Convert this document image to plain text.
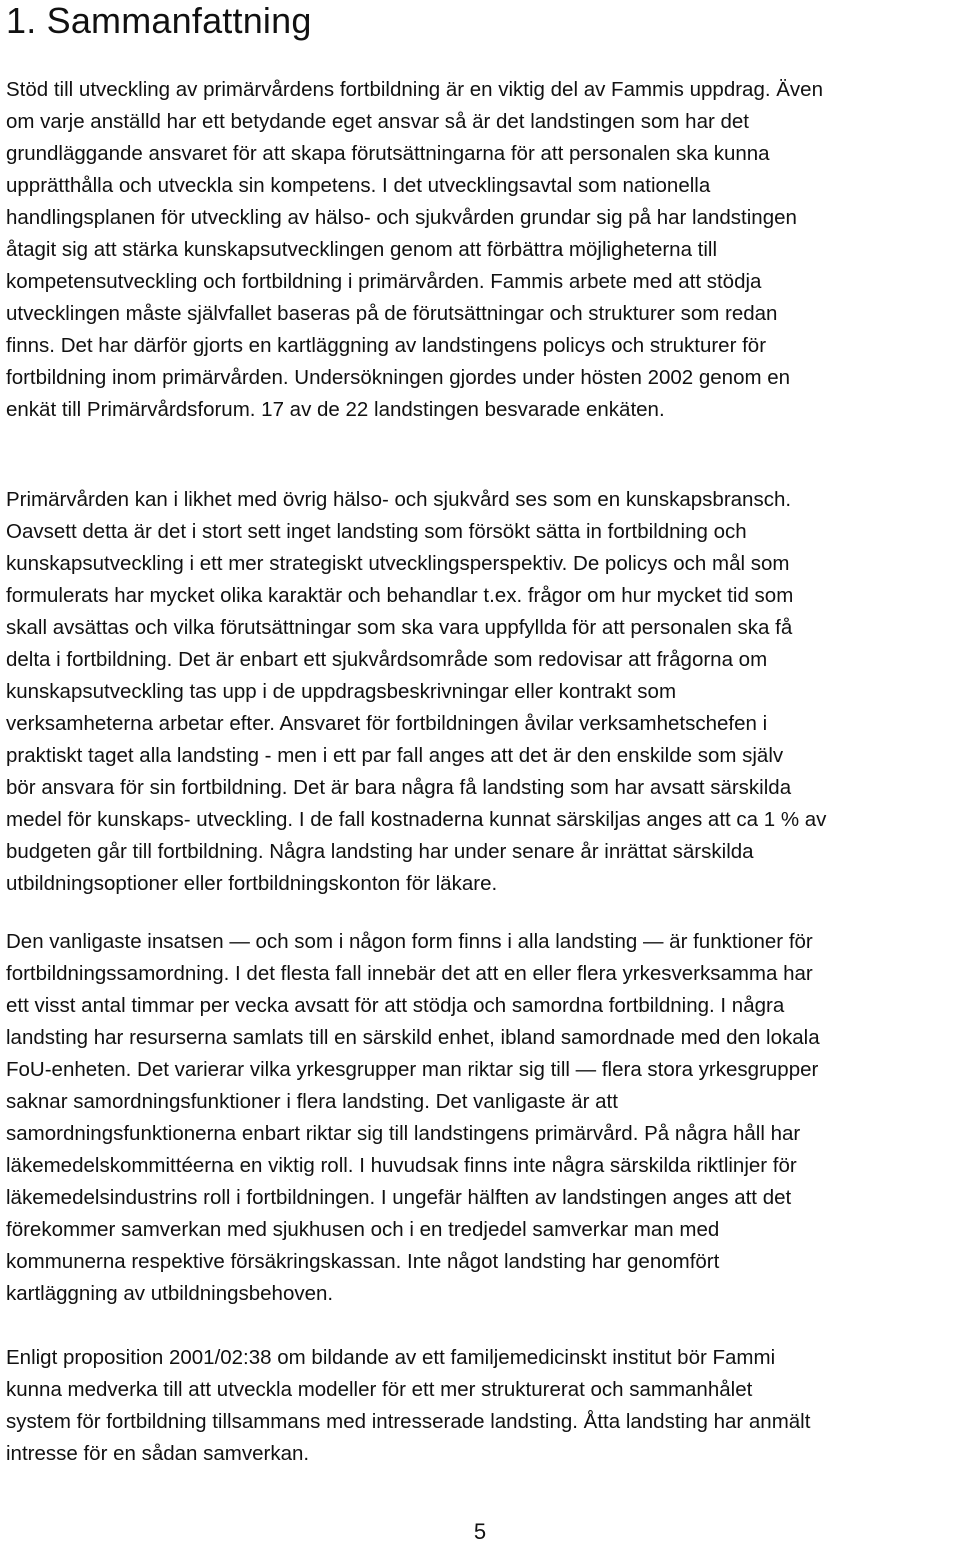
1. Sammanfattning

Stöd till utveckling av primärvårdens fortbildning är en viktig del av Fammis uppdrag. Även
om varje anställd har ett betydande eget ansvar så är det landstingen som har det
grundläggande ansvaret för att skapa förutsättningarna för att personalen ska kunna
upprätthålla och utveckla sin kompetens. I det utvecklingsavtal som nationella
handlingsplanen för utveckling av hälso- och sjukvården grundar sig på har landstingen
åtagit sig att stärka kunskapsutvecklingen genom att förbättra möjligheterna till
kompetensutveckling och fortbildning i primärvården. Fammis arbete med att stödja
utvecklingen måste självfallet baseras på de förutsättningar och strukturer som redan
finns. Det har därför gjorts en kartläggning av landstingens policys och strukturer för
fortbildning inom primärvården. Undersökningen gjordes under hösten 2002 genom en
enkät till Primärvårdsforum. 17 av de 22 landstingen besvarade enkäten.

Primärvården kan i likhet med övrig hälso- och sjukvård ses som en kunskapsbransch.
Oavsett detta är det i stort sett inget landsting som försökt sätta in fortbildning och
kunskapsutveckling i ett mer strategiskt utvecklingsperspektiv. De policys och mål som
formulerats har mycket olika karaktär och behandlar t.ex. frågor om hur mycket tid som
skall avsättas och vilka förutsättningar som ska vara uppfyllda för att personalen ska få
delta i fortbildning. Det är enbart ett sjukvårdsområde som redovisar att frågorna om
kunskapsutveckling tas upp i de uppdragsbeskrivningar eller kontrakt som
verksamheterna arbetar efter. Ansvaret för fortbildningen åvilar verksamhetschefen i
praktiskt taget alla landsting - men i ett par fall anges att det är den enskilde som själv
bör ansvara för sin fortbildning. Det är bara några få landsting som har avsatt särskilda
medel för kunskaps- utveckling. I de fall kostnaderna kunnat särskiljas anges att ca 1 % av
budgeten går till fortbildning. Några landsting har under senare år inrättat särskilda
utbildningsoptioner eller fortbildningskonton för läkare.

Den vanligaste insatsen — och som i någon form finns i alla landsting — är funktioner för
fortbildningssamordning. I det flesta fall innebär det att en eller flera yrkesverksamma har
ett visst antal timmar per vecka avsatt för att stödja och samordna fortbildning. I några
landsting har resurserna samlats till en särskild enhet, ibland samordnade med den lokala
FoU-enheten. Det varierar vilka yrkesgrupper man riktar sig till — flera stora yrkesgrupper
saknar samordningsfunktioner i flera landsting. Det vanligaste är att
samordningsfunktionerna enbart riktar sig till landstingens primärvård. På några håll har
läkemedelskommittéerna en viktig roll. I huvudsak finns inte några särskilda riktlinjer för
läkemedelsindustrins roll i fortbildningen. I ungefär hälften av landstingen anges att det
förekommer samverkan med sjukhusen och i en tredjedel samverkar man med
kommunerna respektive försäkringskassan. Inte något landsting har genomfört
kartläggning av utbildningsbehoven.

Enligt proposition 2001/02:38 om bildande av ett familjemedicinskt institut bör Fammi
kunna medverka till att utveckla modeller för ett mer strukturerat och sammanhålet
system för fortbildning tillsammans med intresserade landsting. Åtta landsting har anmält
intresse för en sådan samverkan.

5
